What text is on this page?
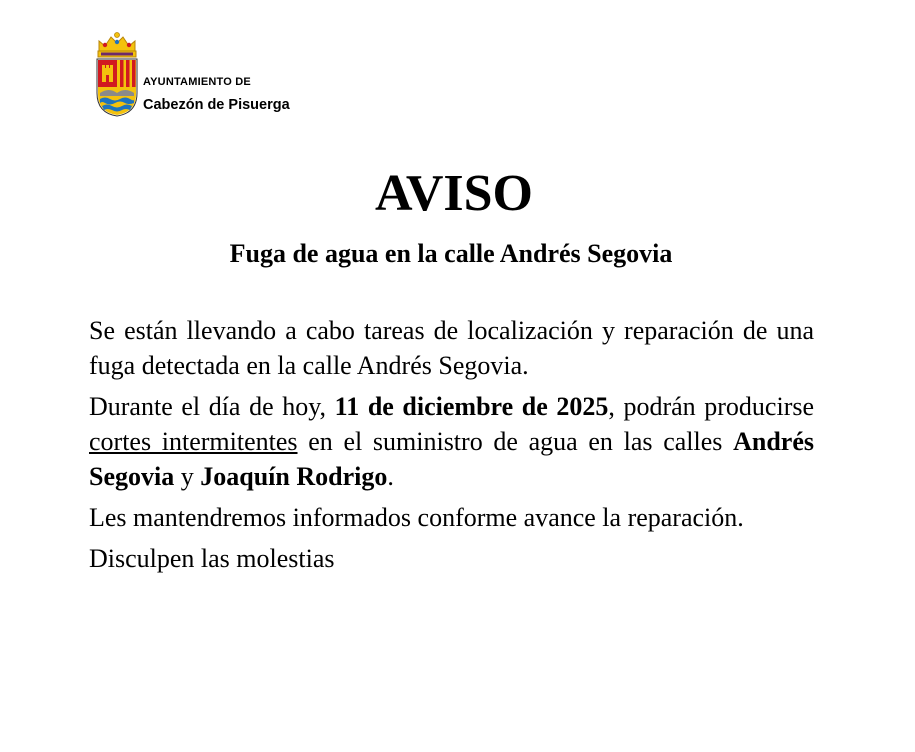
AYUNTAMIENTO DE
Cabezón de Pisuerga
AVISO
Fuga de agua en la calle Andrés Segovia

Se están llevando a cabo tareas de localización y reparación de una fuga detectada en la calle Andrés Segovia.

Durante el día de hoy, 11 de diciembre de 2025, podrán producirse cortes intermitentes en el suministro de agua en las calles Andrés Segovia y Joaquín Rodrigo.

Les mantendremos informados conforme avance la reparación.

Disculpen las molestias
